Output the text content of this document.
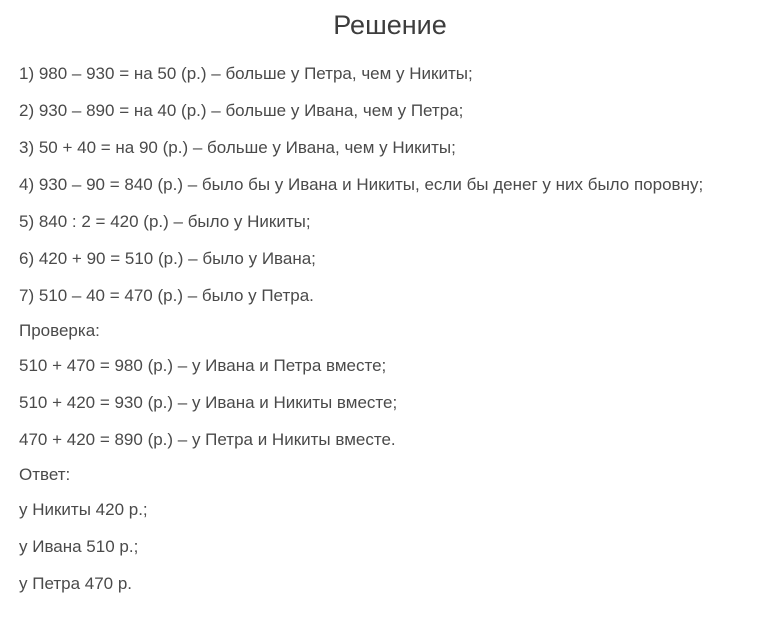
Решение
1) 980 – 930 = на 50 (р.) – больше у Петра, чем у Никиты;
2) 930 – 890 = на 40 (р.) – больше у Ивана, чем у Петра;
3) 50 + 40 = на 90 (р.) – больше у Ивана, чем у Никиты;
4) 930 – 90 = 840 (р.) – было бы у Ивана и Никиты, если бы денег у них было поровну;
5) 840 : 2 = 420 (р.) – было у Никиты;
6) 420 + 90 = 510 (р.) – было у Ивана;
7) 510 – 40 = 470 (р.) – было у Петра.
Проверка:
510 + 470 = 980 (р.) – у Ивана и Петра вместе;
510 + 420 = 930 (р.) – у Ивана и Никиты вместе;
470 + 420 = 890 (р.) – у Петра и Никиты вместе.
Ответ:
у Никиты 420 р.;
у Ивана 510 р.;
у Петра 470 р.
